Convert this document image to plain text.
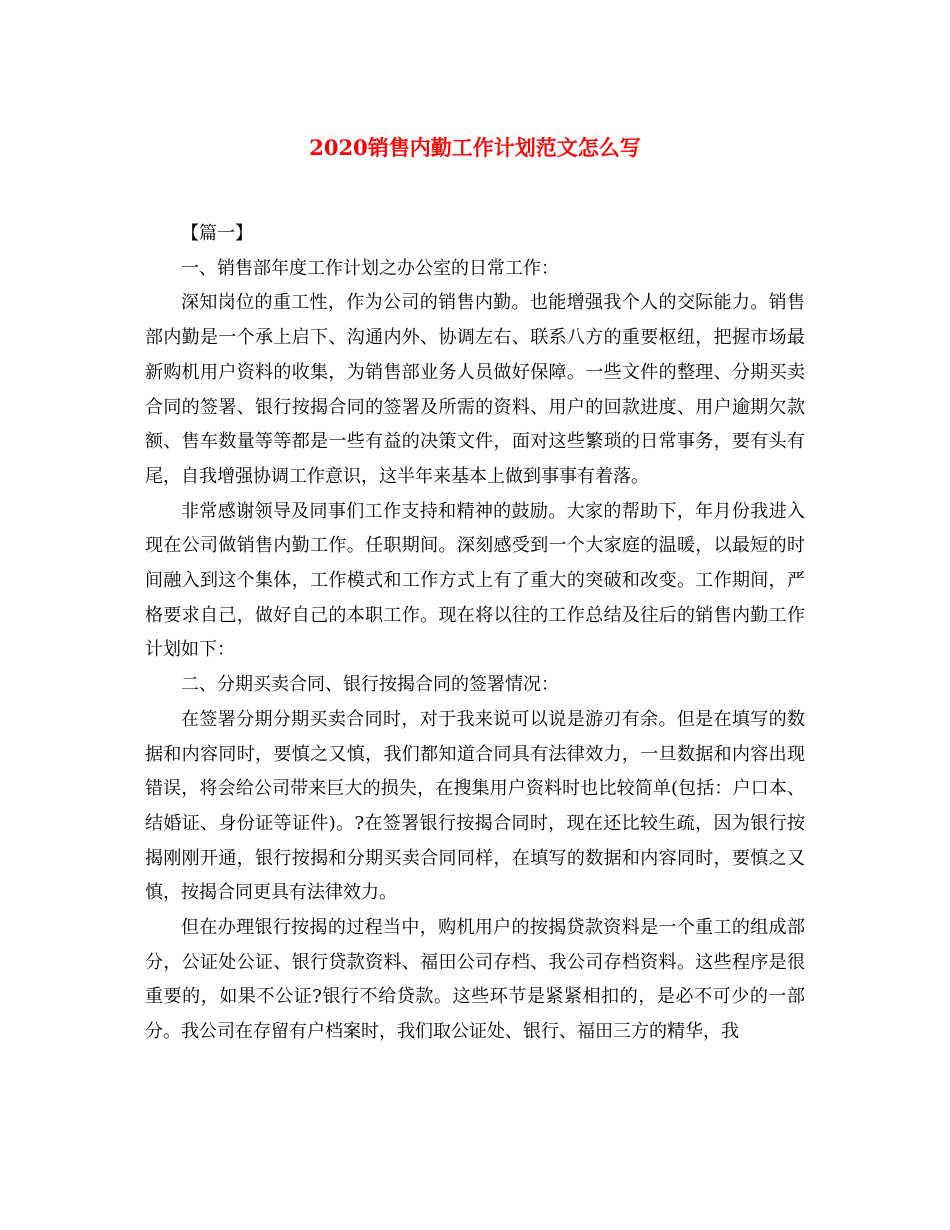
2020销售内勤工作计划范文怎么写

【篇一】

一、销售部年度工作计划之办公室的日常工作：

深知岗位的重工性，作为公司的销售内勤。也能增强我个人的交际能力。销售部内勤是一个承上启下、沟通内外、协调左右、联系八方的重要枢纽，把握市场最新购机用户资料的收集，为销售部业务人员做好保障。一些文件的整理、分期买卖合同的签署、银行按揭合同的签署及所需的资料、用户的回款进度、用户逾期欠款额、售车数量等等都是一些有益的决策文件，面对这些繁琐的日常事务，要有头有尾，自我增强协调工作意识，这半年来基本上做到事事有着落。

非常感谢领导及同事们工作支持和精神的鼓励。大家的帮助下，年月份我进入现在公司做销售内勤工作。任职期间。深刻感受到一个大家庭的温暖，以最短的时间融入到这个集体，工作模式和工作方式上有了重大的突破和改变。工作期间，严格要求自己，做好自己的本职工作。现在将以往的工作总结及往后的销售内勤工作计划如下：

二、分期买卖合同、银行按揭合同的签署情况：

在签署分期分期买卖合同时，对于我来说可以说是游刃有余。但是在填写的数据和内容同时，要慎之又慎，我们都知道合同具有法律效力，一旦数据和内容出现错误，将会给公司带来巨大的损失，在搜集用户资料时也比较简单(包括：户口本、结婚证、身份证等证件)。?在签署银行按揭合同时，现在还比较生疏，因为银行按揭刚刚开通，银行按揭和分期买卖合同同样，在填写的数据和内容同时，要慎之又慎，按揭合同更具有法律效力。

但在办理银行按揭的过程当中，购机用户的按揭贷款资料是一个重工的组成部分，公证处公证、银行贷款资料、福田公司存档、我公司存档资料。这些程序是很重要的，如果不公证?银行不给贷款。这些环节是紧紧相扣的，是必不可少的一部分。我公司在存留有户档案时，我们取公证处、银行、福田三方的精华，我
